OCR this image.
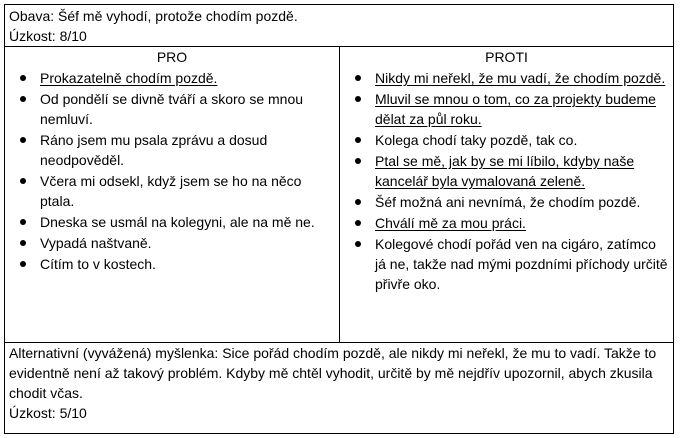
Obava: Šéf mě vyhodí, protože chodím pozdě.
Úzkost: 8/10
PRO
Prokazatelně chodím pozdě.
Od pondělí se divně tváří a skoro se mnou nemluví.
Ráno jsem mu psala zprávu a dosud neodpověděl.
Včera mi odsekl, když jsem se ho na něco ptala.
Dneska se usmál na kolegyni, ale na mě ne.
Vypadá naštvaně.
Cítím to v kostech.
PROTI
Nikdy mi neřekl, že mu vadí, že chodím pozdě.
Mluvil se mnou o tom, co za projekty budeme dělat za půl roku.
Kolega chodí taky pozdě, tak co.
Ptal se mě, jak by se mi líbilo, kdyby naše kancelář byla vymalovaná zeleně.
Šéf možná ani nevnímá, že chodím pozdě.
Chválí mě za mou práci.
Kolegové chodí pořád ven na cigáro, zatímco já ne, takže nad mými pozdními příchody určitě přivře oko.
Alternativní (vyvážená) myšlenka: Sice pořád chodím pozdě, ale nikdy mi neřekl, že mu to vadí. Takže to evidentně není až takový problém. Kdyby mě chtěl vyhodit, určitě by mě nejdřív upozornil, abych zkusila chodit včas.
Úzkost: 5/10
